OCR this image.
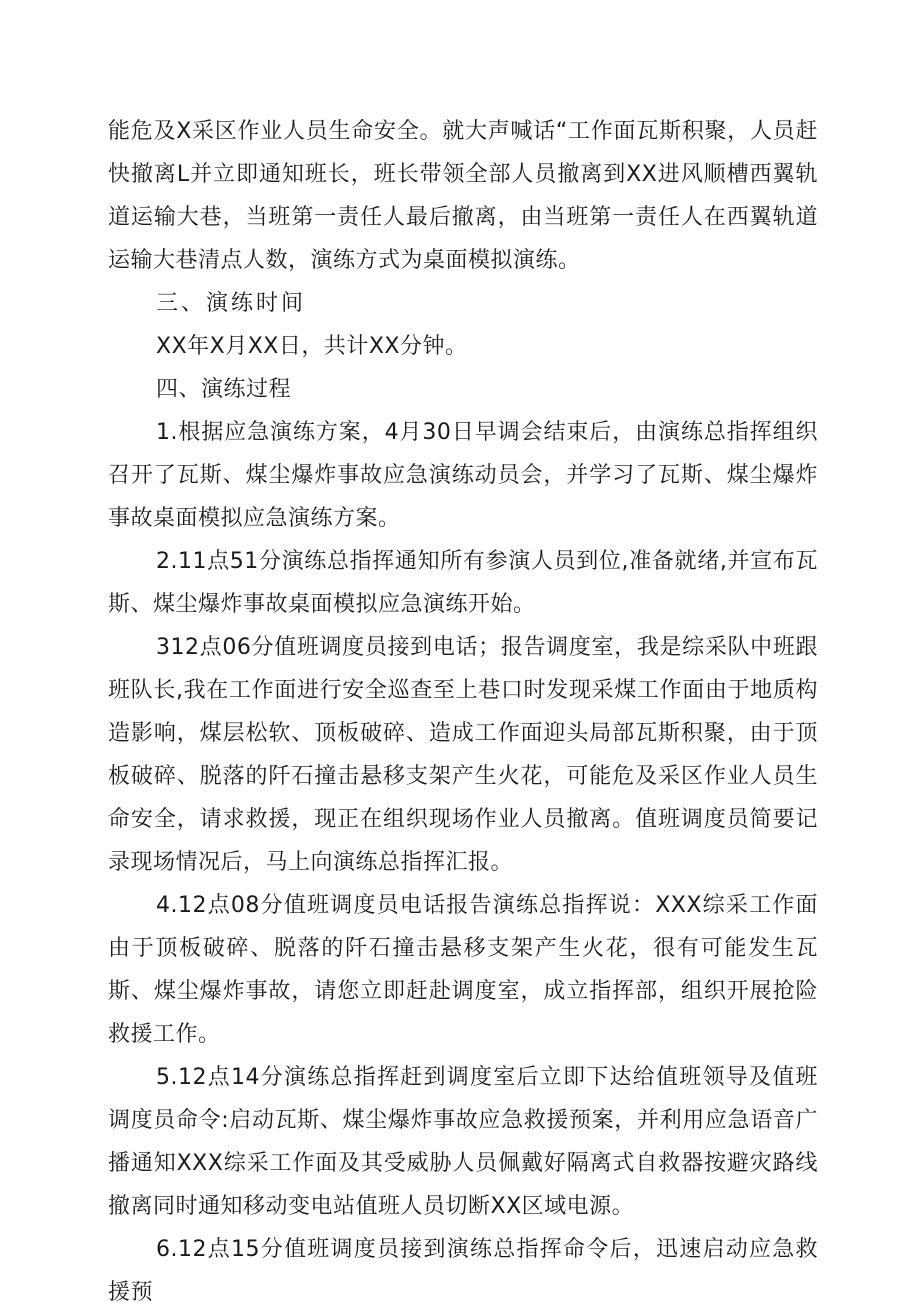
能危及X采区作业人员生命安全。就大声喊话“工作面瓦斯积聚，人员赶快撤离L并立即通知班长，班长带领全部人员撤离到XX进风顺槽西翼轨道运输大巷，当班第一责任人最后撤离，由当班第一责任人在西翼轨道运输大巷清点人数，演练方式为桌面模拟演练。

三、演练时间

XX年X月XX日，共计XX分钟。

四、演练过程

1.根据应急演练方案，4月30日早调会结束后，由演练总指挥组织召开了瓦斯、煤尘爆炸事故应急演练动员会，并学习了瓦斯、煤尘爆炸事故桌面模拟应急演练方案。

2.11点51分演练总指挥通知所有参演人员到位,准备就绪,并宣布瓦斯、煤尘爆炸事故桌面模拟应急演练开始。

312点06分值班调度员接到电话；报告调度室，我是综采队中班跟班队长,我在工作面进行安全巡查至上巷口时发现采煤工作面由于地质构造影响，煤层松软、顶板破碎、造成工作面迎头局部瓦斯积聚，由于顶板破碎、脱落的阡石撞击悬移支架产生火花，可能危及采区作业人员生命安全，请求救援，现正在组织现场作业人员撤离。值班调度员简要记录现场情况后，马上向演练总指挥汇报。

4.12点08分值班调度员电话报告演练总指挥说：XXX综采工作面由于顶板破碎、脱落的阡石撞击悬移支架产生火花，很有可能发生瓦斯、煤尘爆炸事故，请您立即赶赴调度室，成立指挥部，组织开展抢险救援工作。

5.12点14分演练总指挥赶到调度室后立即下达给值班领导及值班调度员命令:启动瓦斯、煤尘爆炸事故应急救援预案，并利用应急语音广播通知XXX综采工作面及其受威胁人员佩戴好隔离式自救器按避灾路线撤离同时通知移动变电站值班人员切断XX区域电源。

6.12点15分值班调度员接到演练总指挥命令后，迅速启动应急救援预
